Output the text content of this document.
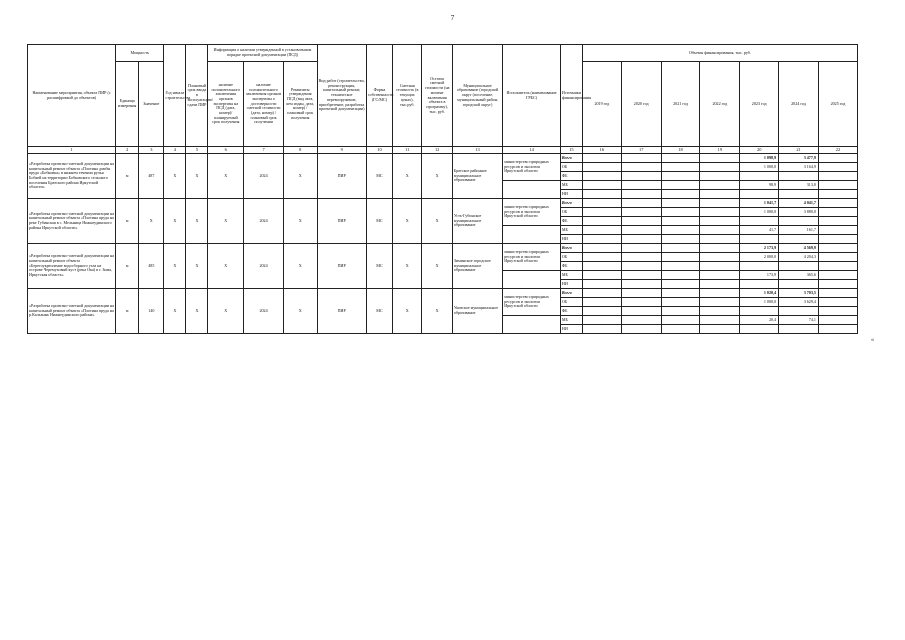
7
Наименование мероприятия, объекта ПИР (с расшифровкой до объектов)	Мощность		Год начала строительства	Плановый срок ввода в эксплуатацию/сдачи ПИР	Информация о наличии утвержденной в установленном порядке проектной документации (ПСД)			Вид работ (строительство, реконструкция, капитальный ремонт, техническое перевооружение, приобретение, разработка проектной документации)	Форма собственности (ГС/МС)	Сметная стоимость (в текущих ценах), тыс.руб.	Остаток сметной стоимости (на момент включения объекта в программу), тыс. руб.	Муниципальное образование (городской округ (поселение, муниципальный район, городской округ)	Исполнитель (наименование ГРБС)	Источники финансирования	Объемы финансирования, тыс. руб.						
	Единица измерения	Значение			наличие положительного заключения органов экспертизы на ПСД (дата, номер)/планируемый срок получения	наличие положительного заключения органов экспертизы о достоверности сметной стоимости (дата, номер) / плановый срок получения	Реквизиты утверждения ПСД (вид акта, кем издан, дата, номер) / плановый срок получения								2019 год	2020 год	2021 год	2022 год	2023 год	2024 год	2025 год

1	2	3	4	5	6	7	8	9	10	11	12	13	14	15	16	17	18	19	20	21	22
«Разработка проектно-сметной документации на капитальный ремонт объекта «Плотина дамбы пруда «Бобковка» в нижнем течении ручья Бобкей на территории Бобковского сельского поселения Братского района Иркутской области»	м	487	Х	Х	Х	2024	Х	ПИР	МС	Х	Х	Братское районное муниципальное образование	министерство природных ресурсов и экологии Иркутской области	Всего					1 098,9	3 477,9	
														ОБ					1 000,0	3 164,9	
														ФБ							
														МБ					98,9	313,0	
														НИ							
«Разработка проектно-сметной документации на капитальный ремонт объекта «Плотина пруда на реке Губинская в с. Мельница Нижнеудинского района Иркутской области»	м	Х	Х	Х	Х	2024	Х	ПИР	МС	Х	Х	Усть-Губинское муниципальное образование	министерство природных ресурсов и экологии Иркутской области	Всего					1 041,7	4 041,7	
														ОБ					1 000,0	3 880,0	
														ФБ							
														МБ					41,7	161,7	
														НИ							
«Разработка проектно-сметной документации на капитальный ремонт объекта «Берегоукрепление водосборного узла на острове Черемуховый куст (река Ока) в г. Зима, Иркутская область»	м	485	Х	Х	Х	2024	Х	ПИР	МС	Х	Х	Зиминское городское муниципальное образование	министерство природных ресурсов и экологии Иркутской области	Всего					2 173,9	4 569,9	
														ОБ					2 000,0	4 204,3	
														ФБ							
														МБ					173,9	365,6	
														НИ							
«Разработка проектно-сметной документации на капитальный ремонт объекта «Плотина пруда на р.Кальзынь Нижнеудинского района»	м	140	Х	Х	Х	2024	Х	ПИР	МС	Х	Х	Уковское муниципальное образование	министерство природных ресурсов и экологии Иркутской области	Всего					1 020,4	3 703,5	
														ОБ					1 000,0	3 629,4	
														ФБ							
														МБ					20,4	74,1	
														НИ							
«
